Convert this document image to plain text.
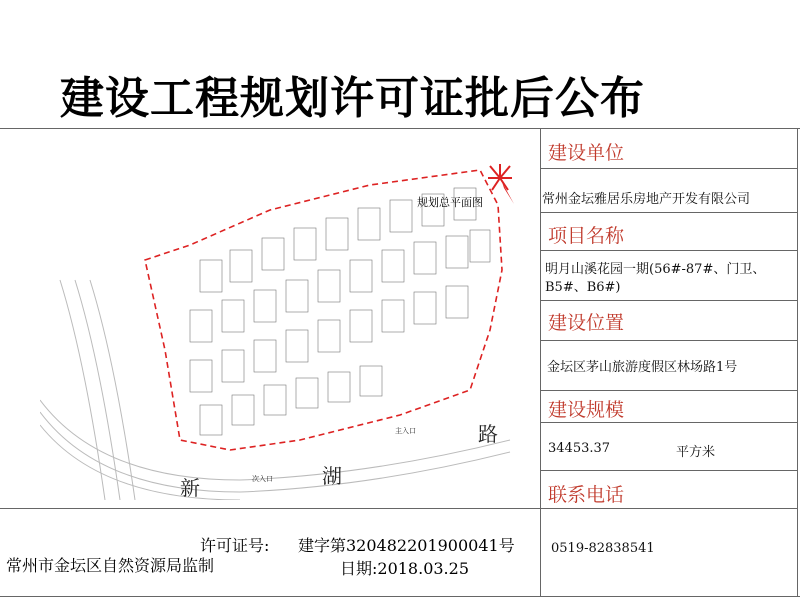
建设工程规划许可证批后公布
规划总平面图
主入口
次入口
新	湖
路
建设单位
常州金坛雅居乐房地产开发有限公司
项目名称
明月山溪花园一期(56#-87#、门卫、
B5#、B6#)
建设位置
金坛区茅山旅游度假区林场路1号
建设规模
34453.37	平方米
联系电话
0519-82838541
许可证号: 建字第320482201900041号
常州市金坛区自然资源局监制	日期:2018.03.25
